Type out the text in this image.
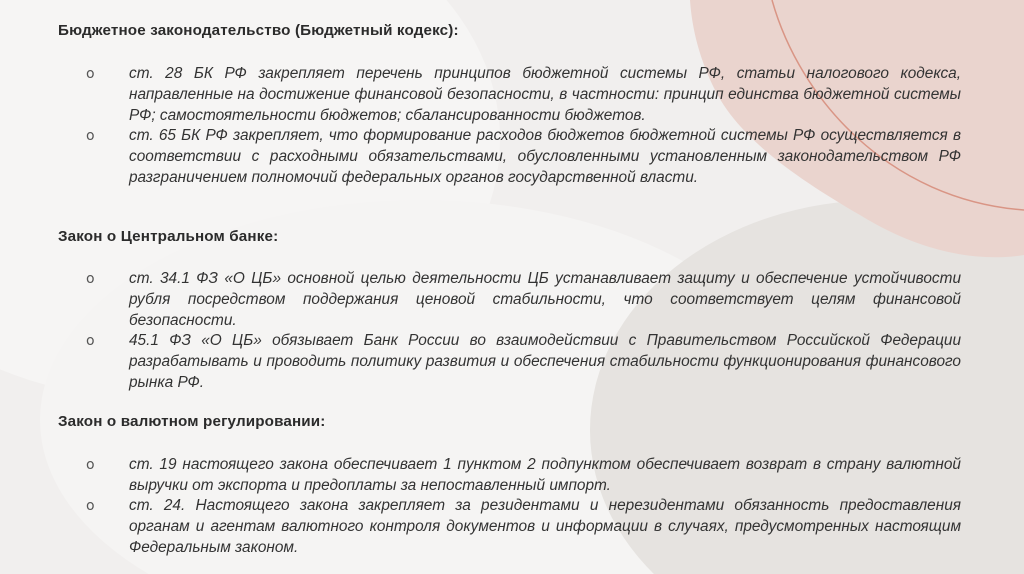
Бюджетное законодательство (Бюджетный кодекс):
o ст. 28 БК РФ закрепляет перечень принципов бюджетной системы РФ, статьи налогового кодекса, направленные на достижение финансовой безопасности, в частности: принцип единства бюджетной системы РФ; самостоятельности бюджетов; сбалансированности бюджетов.
o ст. 65 БК РФ закрепляет, что формирование расходов бюджетов бюджетной системы РФ осуществляется в соответствии с расходными обязательствами, обусловленными установленным законодательством РФ разграничением полномочий федеральных органов государственной власти.
Закон о Центральном банке:
o ст. 34.1 ФЗ «О ЦБ» основной целью деятельности ЦБ устанавливает защиту и обеспечение устойчивости рубля посредством поддержания ценовой стабильности, что соответствует целям финансовой безопасности.
o 45.1 ФЗ «О ЦБ» обязывает Банк России во взаимодействии с Правительством Российской Федерации разрабатывать и проводить политику развития и обеспечения стабильности функционирования финансового рынка РФ.
Закон о валютном регулировании:
o ст. 19 настоящего закона обеспечивает 1 пунктом 2 подпунктом обеспечивает возврат в страну валютной выручки от экспорта и предоплаты за непоставленный импорт.
o ст. 24. Настоящего закона закрепляет за резидентами и нерезидентами обязанность предоставления органам и агентам валютного контроля документов и информации в случаях, предусмотренных настоящим Федеральным законом.
